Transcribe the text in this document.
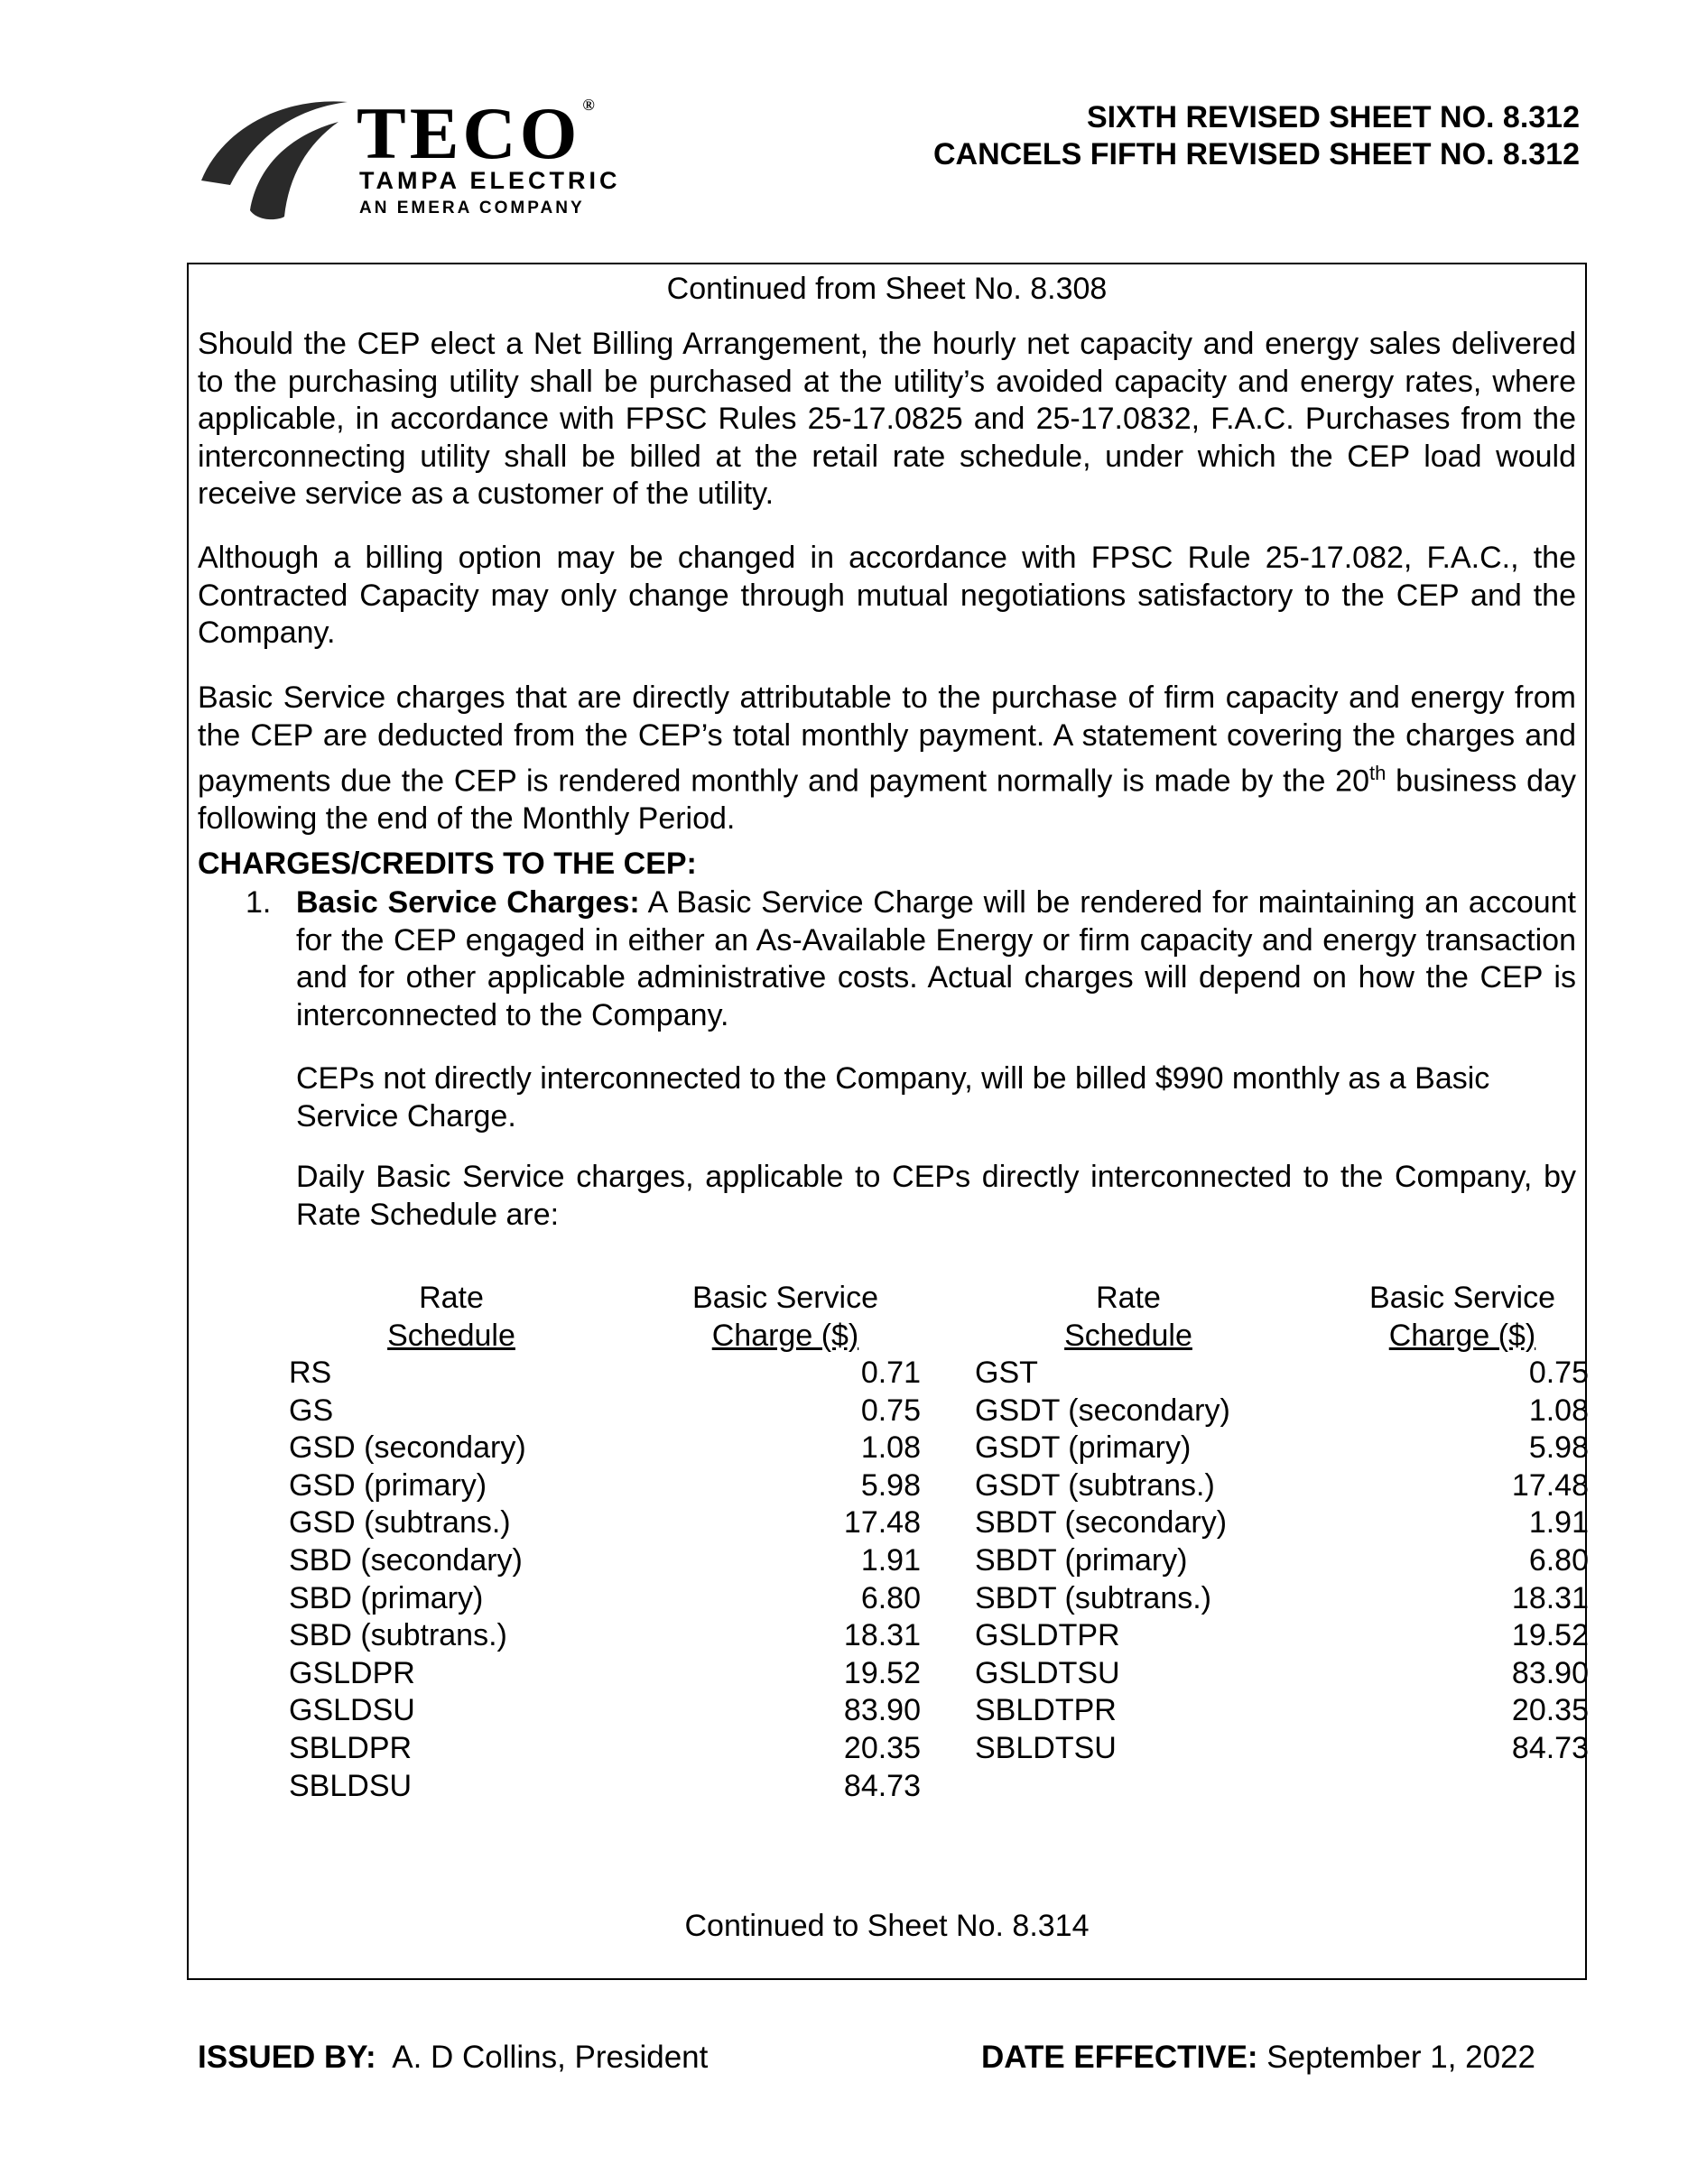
TECO ®
TAMPA ELECTRIC
AN EMERA COMPANY
SIXTH REVISED SHEET NO. 8.312
CANCELS FIFTH REVISED SHEET NO. 8.312
Continued from Sheet No. 8.308
Should the CEP elect a Net Billing Arrangement, the hourly net capacity and energy sales delivered to the purchasing utility shall be purchased at the utility’s avoided capacity and energy rates, where applicable, in accordance with FPSC Rules 25-17.0825 and 25-17.0832, F.A.C. Purchases from the interconnecting utility shall be billed at the retail rate schedule, under which the CEP load would receive service as a customer of the utility.
Although a billing option may be changed in accordance with FPSC Rule 25-17.082, F.A.C., the Contracted Capacity may only change through mutual negotiations satisfactory to the CEP and the Company.
Basic Service charges that are directly attributable to the purchase of firm capacity and energy from the CEP are deducted from the CEP’s total monthly payment. A statement covering the charges and payments due the CEP is rendered monthly and payment normally is made by the 20th business day following the end of the Monthly Period.
CHARGES/CREDITS TO THE CEP:
1. Basic Service Charges: A Basic Service Charge will be rendered for maintaining an account for the CEP engaged in either an As-Available Energy or firm capacity and energy transaction and for other applicable administrative costs. Actual charges will depend on how the CEP is interconnected to the Company.
CEPs not directly interconnected to the Company, will be billed $990 monthly as a Basic Service Charge.
Daily Basic Service charges, applicable to CEPs directly interconnected to the Company, by Rate Schedule are:
Rate
Schedule
Basic Service
Charge ($)
RS	0.71
GS	0.75
GSD (secondary)	1.08
GSD (primary)	5.98
GSD (subtrans.)	17.48
SBD (secondary)	1.91
SBD (primary)	6.80
SBD (subtrans.)	18.31
GSLDPR	19.52
GSLDSU	83.90
SBLDPR	20.35
SBLDSU	84.73
Rate
Schedule
Basic Service
Charge ($)
GST	0.75
GSDT (secondary)	1.08
GSDT (primary)	5.98
GSDT (subtrans.)	17.48
SBDT (secondary)	1.91
SBDT (primary)	6.80
SBDT (subtrans.)	18.31
GSLDTPR	19.52
GSLDTSU	83.90
SBLDTPR	20.35
SBLDTSU	84.73
Continued to Sheet No. 8.314
ISSUED BY:  A. D Collins, President	DATE EFFECTIVE: September 1, 2022
